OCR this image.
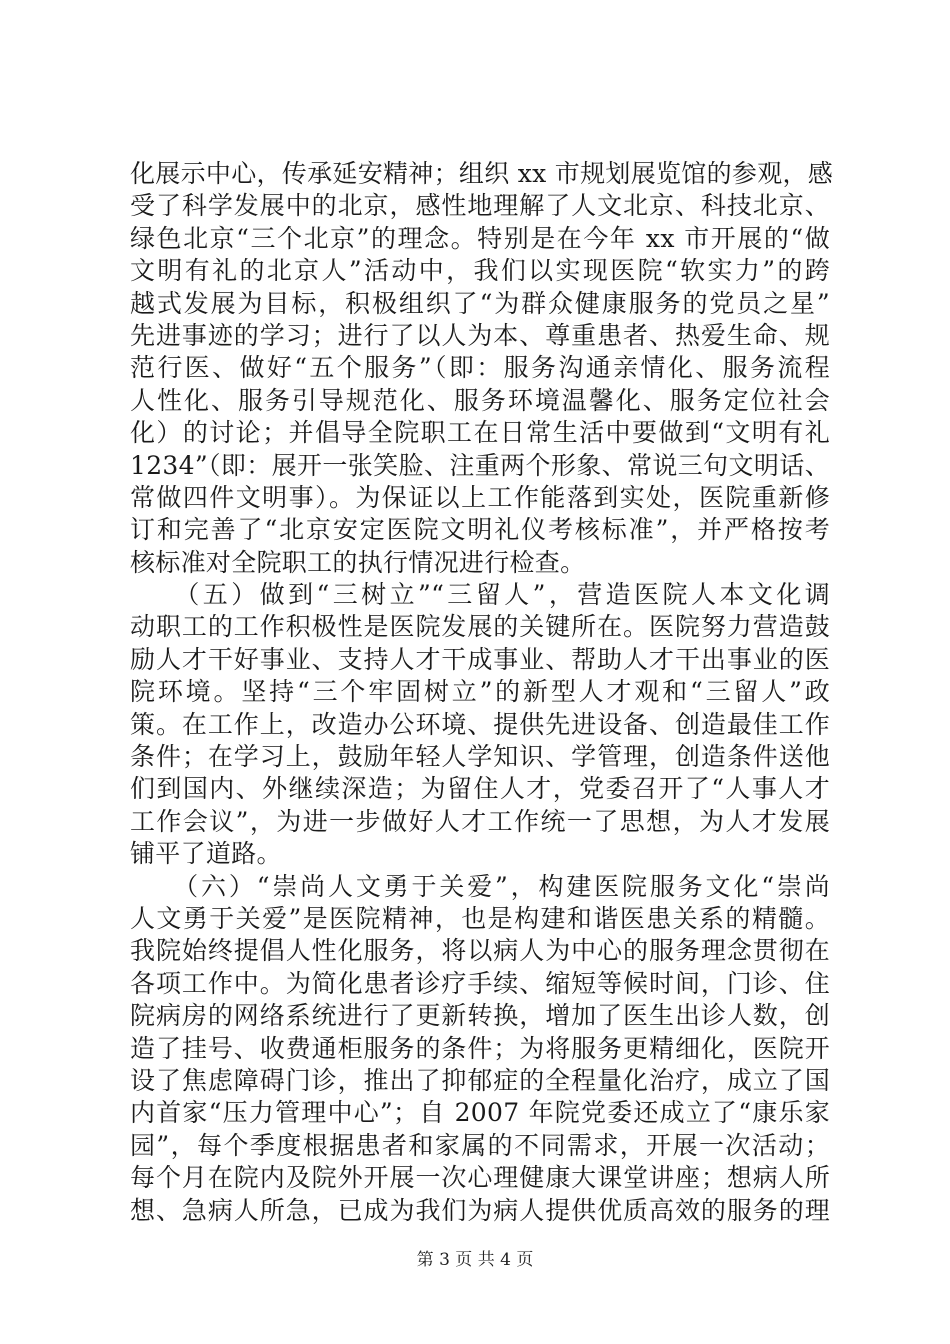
化展示中心，传承延安精神；组织 xx 市规划展览馆的参观，感
受了科学发展中的北京，感性地理解了人文北京、科技北京、
绿色北京“三个北京”的理念。特别是在今年 xx 市开展的“做
文明有礼的北京人”活动中，我们以实现医院“软实力”的跨
越式发展为目标，积极组织了“为群众健康服务的党员之星”
先进事迹的学习；进行了以人为本、尊重患者、热爱生命、规
范行医、做好“五个服务”（即：服务沟通亲情化、服务流程
人性化、服务引导规范化、服务环境温馨化、服务定位社会
化）的讨论；并倡导全院职工在日常生活中要做到“文明有礼
1234”（即：展开一张笑脸、注重两个形象、常说三句文明话、
常做四件文明事）。为保证以上工作能落到实处，医院重新修
订和完善了“北京安定医院文明礼仪考核标准”，并严格按考
核标准对全院职工的执行情况进行检查。
　　（五）做到“三树立”“三留人”，营造医院人本文化调
动职工的工作积极性是医院发展的关键所在。医院努力营造鼓
励人才干好事业、支持人才干成事业、帮助人才干出事业的医
院环境。坚持“三个牢固树立”的新型人才观和“三留人”政
策。在工作上，改造办公环境、提供先进设备、创造最佳工作
条件；在学习上，鼓励年轻人学知识、学管理，创造条件送他
们到国内、外继续深造；为留住人才，党委召开了“人事人才
工作会议”，为进一步做好人才工作统一了思想，为人才发展
铺平了道路。
　　（六）“崇尚人文勇于关爱”，构建医院服务文化“崇尚
人文勇于关爱”是医院精神，也是构建和谐医患关系的精髓。
我院始终提倡人性化服务，将以病人为中心的服务理念贯彻在
各项工作中。为简化患者诊疗手续、缩短等候时间，门诊、住
院病房的网络系统进行了更新转换，增加了医生出诊人数，创
造了挂号、收费通柜服务的条件；为将服务更精细化，医院开
设了焦虑障碍门诊，推出了抑郁症的全程量化治疗，成立了国
内首家“压力管理中心”；自 2007 年院党委还成立了“康乐家
园”，每个季度根据患者和家属的不同需求，开展一次活动；
每个月在院内及院外开展一次心理健康大课堂讲座；想病人所
想、急病人所急，已成为我们为病人提供优质高效的服务的理
第 3 页 共 4 页
